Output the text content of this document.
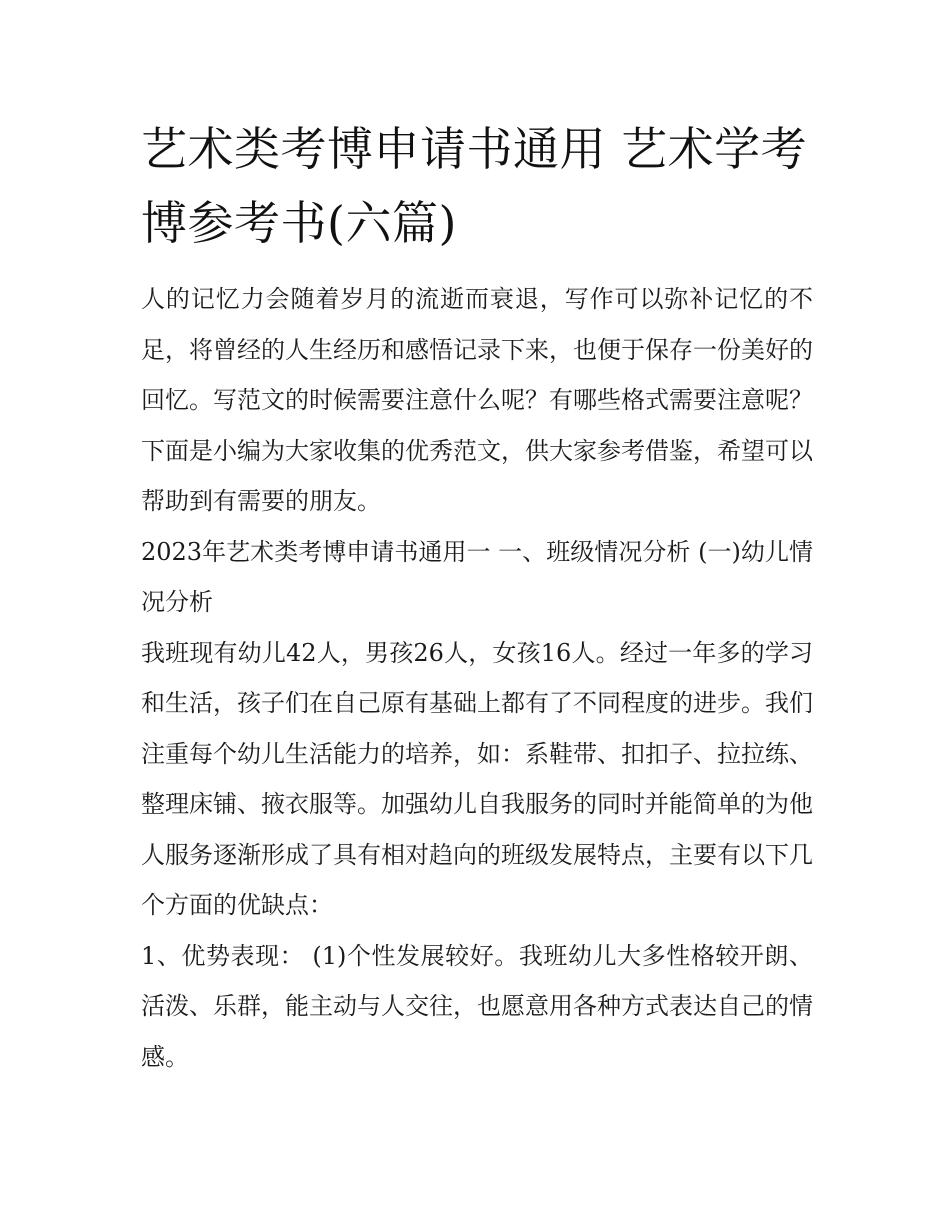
艺术类考博申请书通用 艺术学考博参考书(六篇)

人的记忆力会随着岁月的流逝而衰退，写作可以弥补记忆的不足，将曾经的人生经历和感悟记录下来，也便于保存一份美好的回忆。写范文的时候需要注意什么呢？有哪些格式需要注意呢？下面是小编为大家收集的优秀范文，供大家参考借鉴，希望可以帮助到有需要的朋友。

2023年艺术类考博申请书通用一 一、班级情况分析 (一)幼儿情况分析

我班现有幼儿42人，男孩26人，女孩16人。经过一年多的学习和生活，孩子们在自己原有基础上都有了不同程度的进步。我们注重每个幼儿生活能力的培养，如：系鞋带、扣扣子、拉拉练、整理床铺、掖衣服等。加强幼儿自我服务的同时并能简单的为他人服务逐渐形成了具有相对趋向的班级发展特点，主要有以下几个方面的优缺点：

1、优势表现： (1)个性发展较好。我班幼儿大多性格较开朗、活泼、乐群，能主动与人交往，也愿意用各种方式表达自己的情感。
